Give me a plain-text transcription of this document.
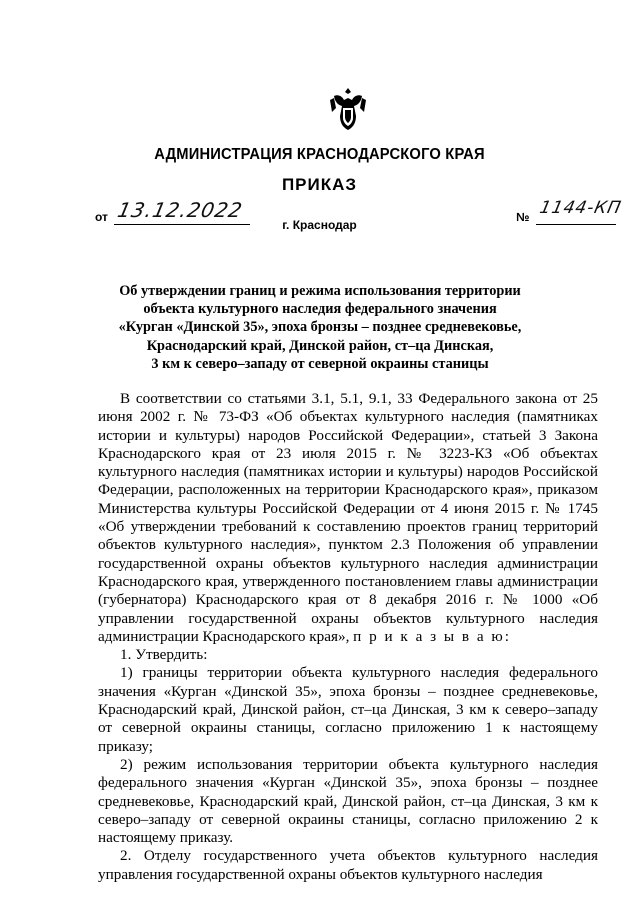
АДМИНИСТРАЦИЯ КРАСНОДАРСКОГО КРАЯ
ПРИКАЗ
от 13.12.2022	№ 1144-КП
г. Краснодар
Об утверждении границ и режима использования территории
объекта культурного наследия федерального значения
«Курган «Динской 35», эпоха бронзы – позднее средневековье,
Краснодарский край, Динской район, ст–ца Динская,
3 км к северо–западу от северной окраины станицы

В соответствии со статьями 3.1, 5.1, 9.1, 33 Федерального закона от 25 июня 2002 г. № 73-ФЗ «Об объектах культурного наследия (памятниках истории и культуры) народов Российской Федерации», статьей 3 Закона Краснодарского края от 23 июля 2015 г. № 3223-КЗ «Об объектах культурного наследия (памятниках истории и культуры) народов Российской Федерации, расположенных на территории Краснодарского края», приказом Министерства культуры Российской Федерации от 4 июня 2015 г. № 1745 «Об утверждении требований к составлению проектов границ территорий объектов культурного наследия», пунктом 2.3 Положения об управлении государственной охраны объектов культурного наследия администрации Краснодарского края, утвержденного постановлением главы администрации (губернатора) Краснодарского края от 8 декабря 2016 г. № 1000 «Об управлении государственной охраны объектов культурного наследия администрации Краснодарского края», п р и к а з ы в а ю:

1. Утвердить:

1) границы территории объекта культурного наследия федерального значения «Курган «Динской 35», эпоха бронзы – позднее средневековье, Краснодарский край, Динской район, ст–ца Динская, 3 км к северо–западу от северной окраины станицы, согласно приложению 1 к настоящему приказу;

2) режим использования территории объекта культурного наследия федерального значения «Курган «Динской 35», эпоха бронзы – позднее средневековье, Краснодарский край, Динской район, ст–ца Динская, 3 км к северо–западу от северной окраины станицы, согласно приложению 2 к настоящему приказу.

2. Отделу государственного учета объектов культурного наследия управления государственной охраны объектов культурного наследия
